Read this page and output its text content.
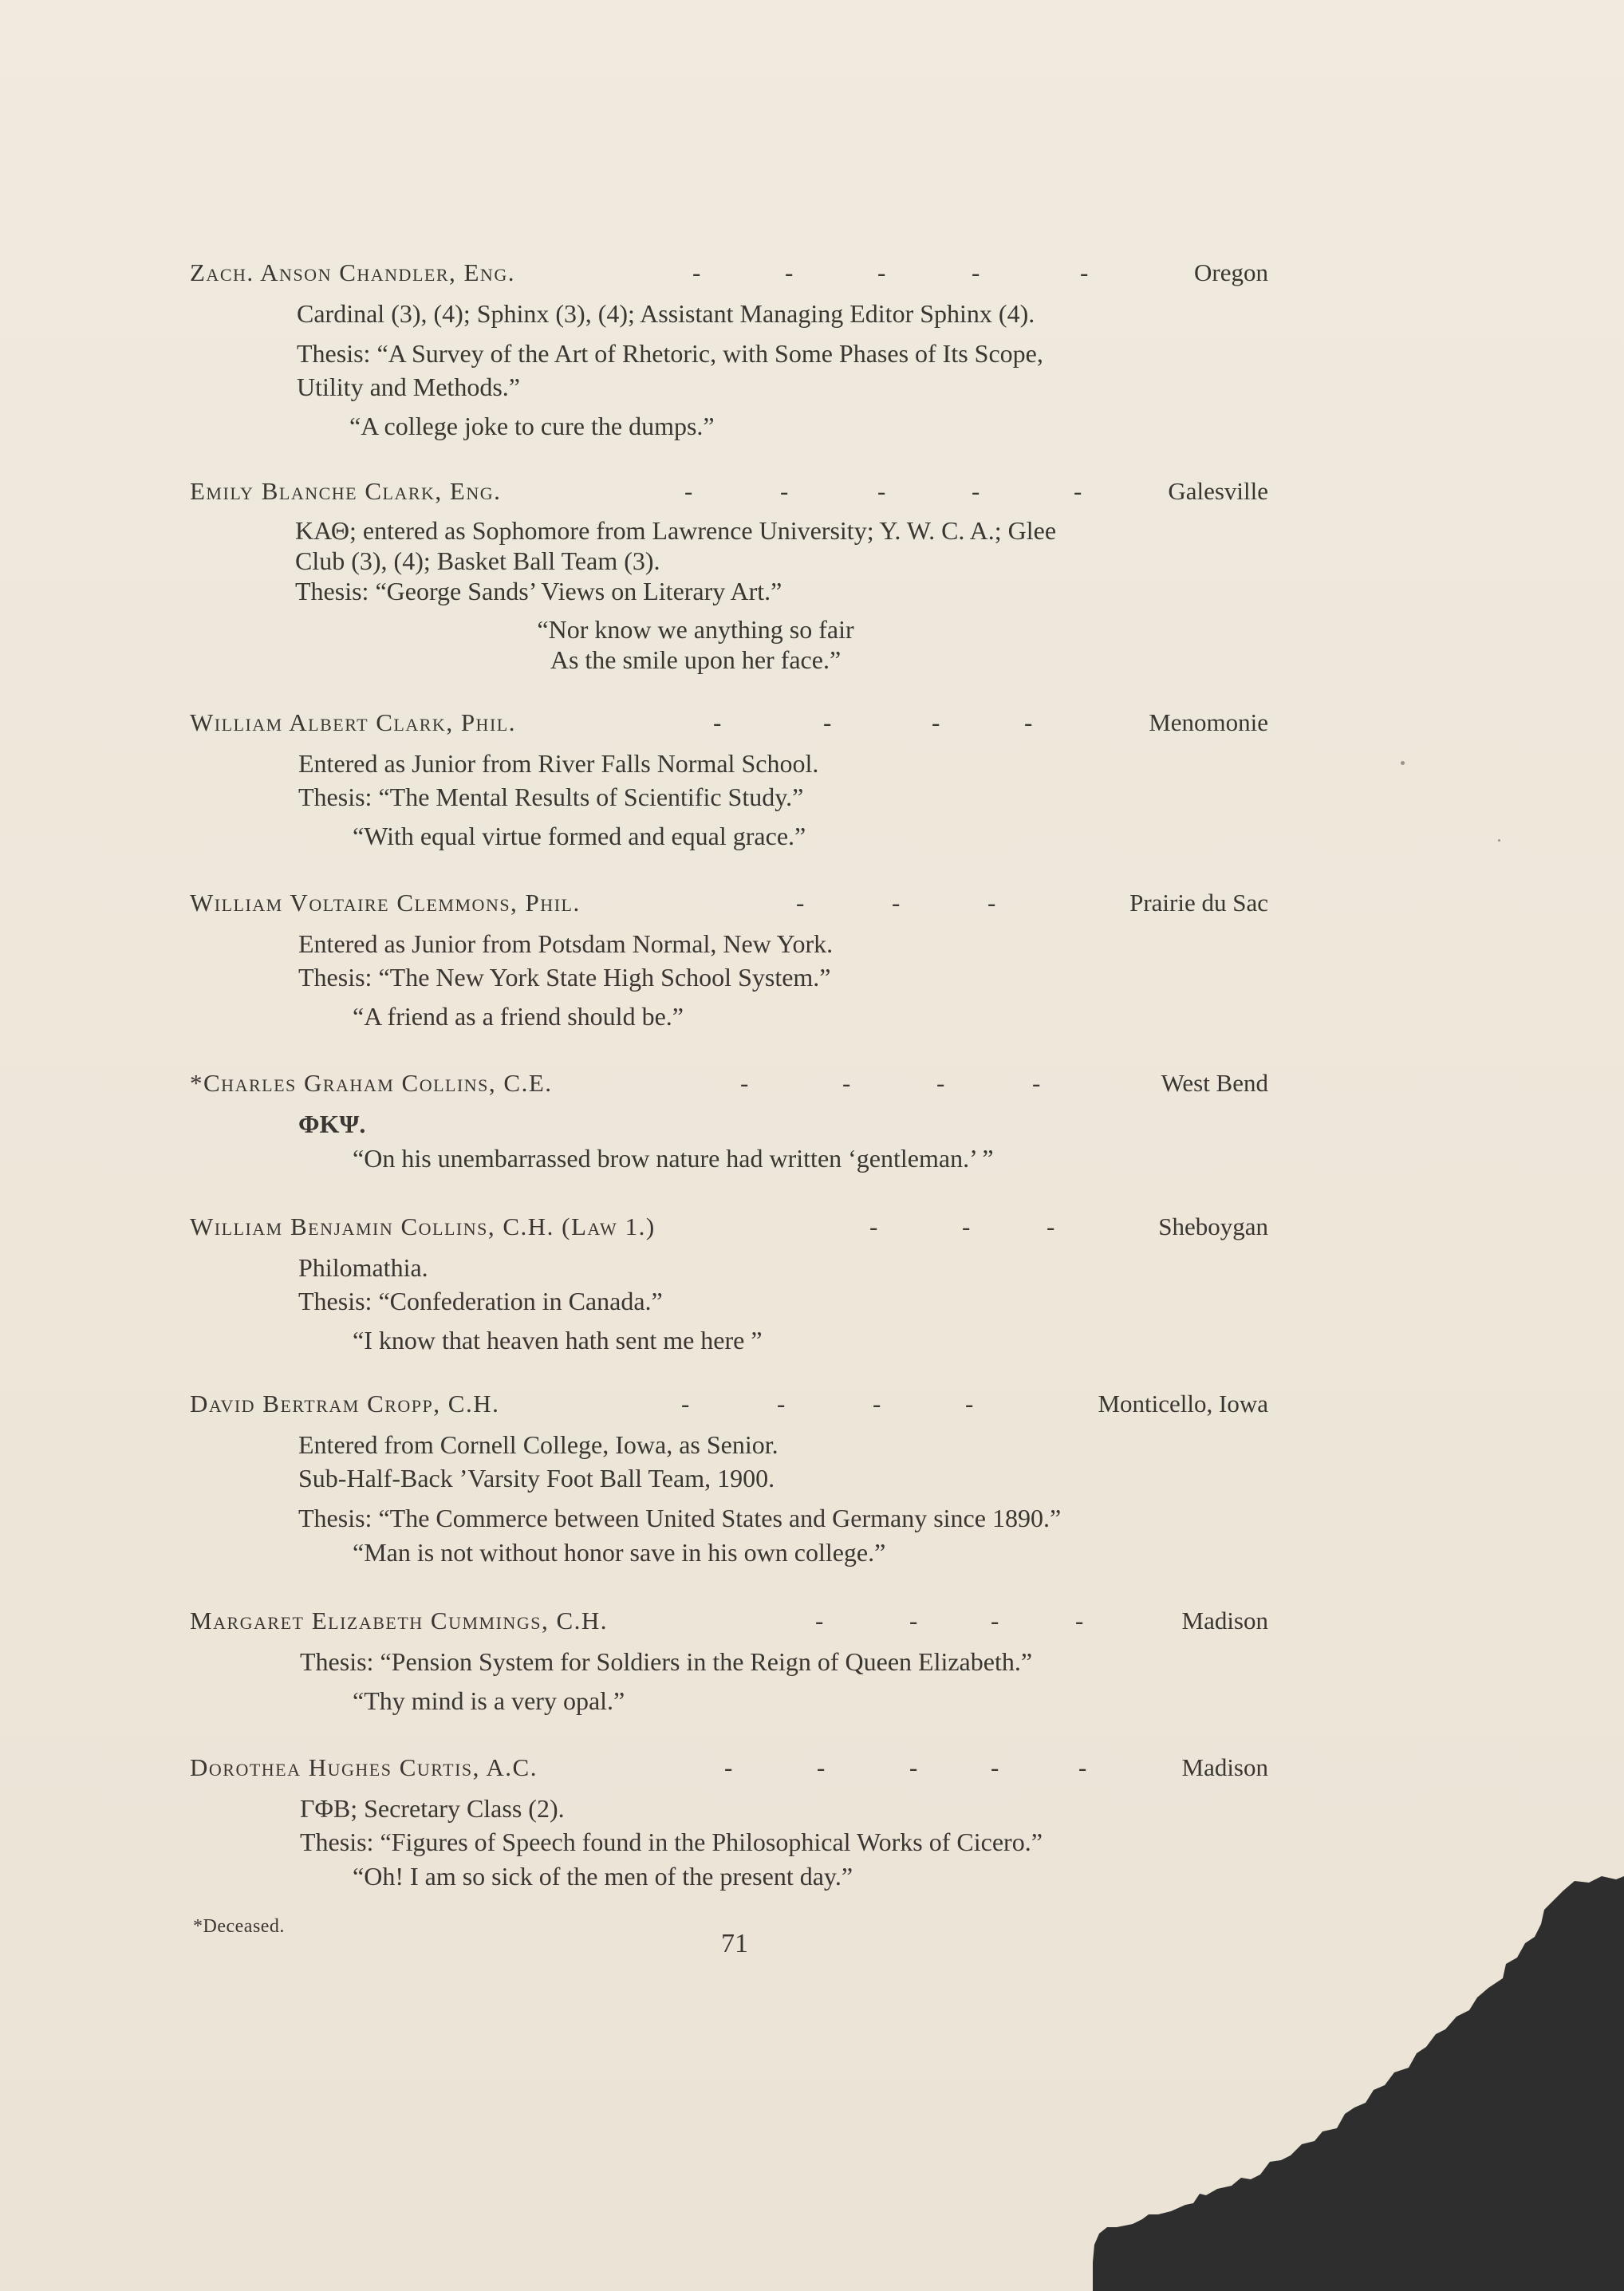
Zach. Anson Chandler, Eng.	-	-	-	-	-	Oregon
Cardinal (3), (4); Sphinx (3), (4); Assistant Managing Editor Sphinx (4).
Thesis: “A Survey of the Art of Rhetoric, with Some Phases of Its Scope,
Utility and Methods.”
“A college joke to cure the dumps.”
Emily Blanche Clark, Eng.	-	-	-	-	-	Galesville
ΚΑΘ; entered as Sophomore from Lawrence University; Y. W. C. A.; Glee
Club (3), (4); Basket Ball Team (3).
Thesis: “George Sands’ Views on Literary Art.”
“Nor know we anything so fair
As the smile upon her face.”
William Albert Clark, Phil.	-	-	-	-	Menomonie
Entered as Junior from River Falls Normal School.
Thesis: “The Mental Results of Scientific Study.”
“With equal virtue formed and equal grace.”
William Voltaire Clemmons, Phil.	-	-	-	Prairie du Sac
Entered as Junior from Potsdam Normal, New York.
Thesis: “The New York State High School System.”
“A friend as a friend should be.”
*Charles Graham Collins, C.E.	-	-	-	-	West Bend
ΦΚΨ.
“On his unembarrassed brow nature had written ‘gentleman.’ ”
William Benjamin Collins, C.H. (Law 1.)	-	-	-	Sheboygan
Philomathia.
Thesis: “Confederation in Canada.”
“I know that heaven hath sent me here ”
David Bertram Cropp, C.H.	-	-	-	-	Monticello, Iowa
Entered from Cornell College, Iowa, as Senior.
Sub-Half-Back ’Varsity Foot Ball Team, 1900.
Thesis: “The Commerce between United States and Germany since 1890.”
“Man is not without honor save in his own college.”
Margaret Elizabeth Cummings, C.H.	-	-	-	-	Madison
Thesis: “Pension System for Soldiers in the Reign of Queen Elizabeth.”
“Thy mind is a very opal.”
Dorothea Hughes Curtis, A.C.	-	-	-	-	-	Madison
ΓΦΒ; Secretary Class (2).
Thesis: “Figures of Speech found in the Philosophical Works of Cicero.”
“Oh! I am so sick of the men of the present day.”
*Deceased.
71
